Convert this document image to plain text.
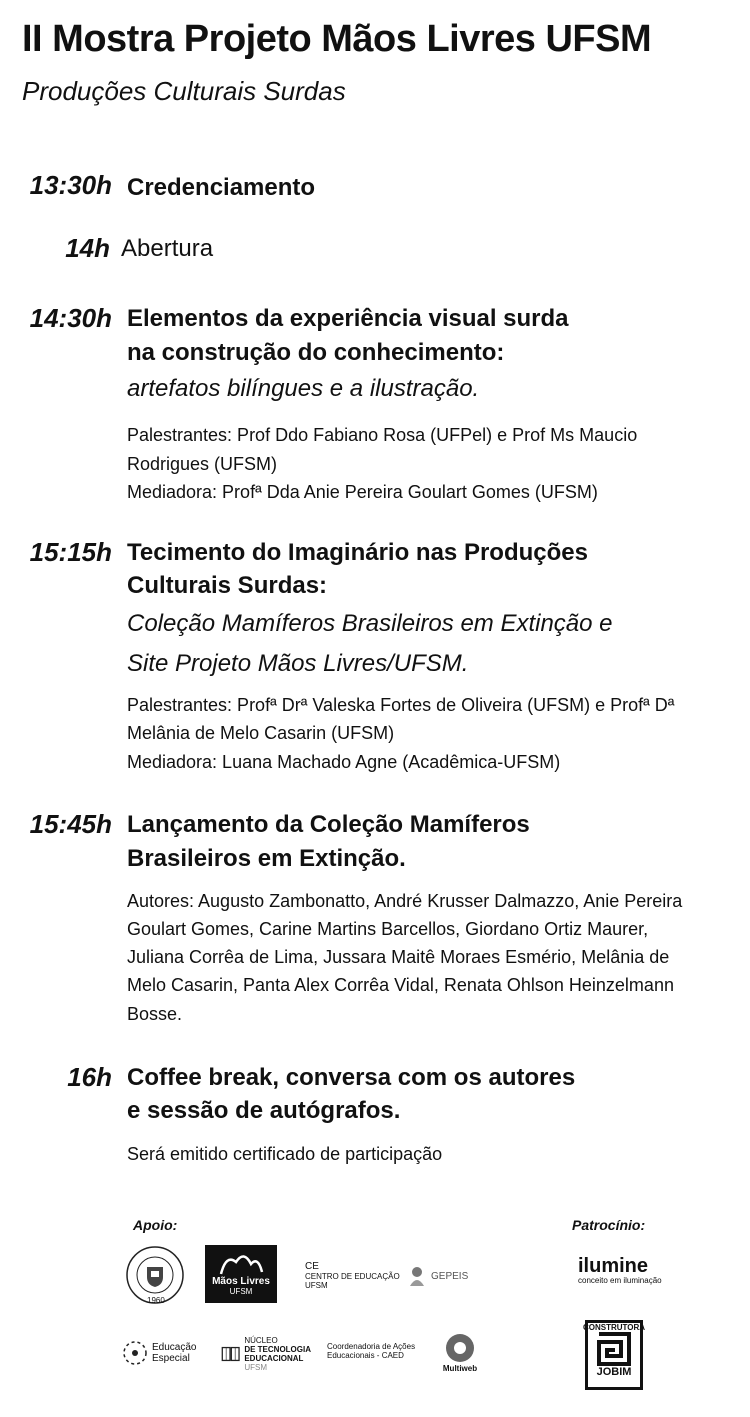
II Mostra Projeto Mãos Livres UFSM
Produções Culturais Surdas
13:30h Credenciamento
14h Abertura
14:30h Elementos da experiência visual surda
na construção do conhecimento:
artefatos bilíngues e a ilustração.
Palestrantes: Prof Ddo Fabiano Rosa (UFPel) e Prof Ms Maucio
Rodrigues (UFSM)
Mediadora: Profª Dda Anie Pereira Goulart Gomes (UFSM)
15:15h Tecimento do Imaginário nas Produções
Culturais Surdas:
Coleção Mamíferos Brasileiros em Extinção e
Site Projeto Mãos Livres/UFSM.
Palestrantes: Profª Drª Valeska Fortes de Oliveira (UFSM) e Profª Dª
Melânia de Melo Casarin (UFSM)
Mediadora: Luana Machado Agne (Acadêmica-UFSM)
15:45h Lançamento da Coleção Mamíferos
Brasileiros em Extinção.
Autores: Augusto Zambonatto, André Krusser Dalmazzo, Anie Pereira
Goulart Gomes, Carine Martins Barcellos, Giordano Ortiz Maurer,
Juliana Corrêa de Lima, Jussara Maitê Moraes Esmério, Melânia de
Melo Casarin, Panta Alex Corrêa Vidal, Renata Ohlson Heinzelmann
Bosse.
16h Coffee break, conversa com os autores
e sessão de autógrafos.
Será emitido certificado de participação
Apoio:	Patrocínio:
1960
Mãos Livres
UFSM
CE
CENTRO DE EDUCAÇÃO
UFSM
GEPEIS	ilumine
conceito em iluminação
Educação
Especial
NÚCLEO
DE TECNOLOGIA
EDUCACIONAL
UFSM
Coordenadoria de Ações
Educacionais - CAED
Multiweb
CONSTRUTORA
JOBIM
